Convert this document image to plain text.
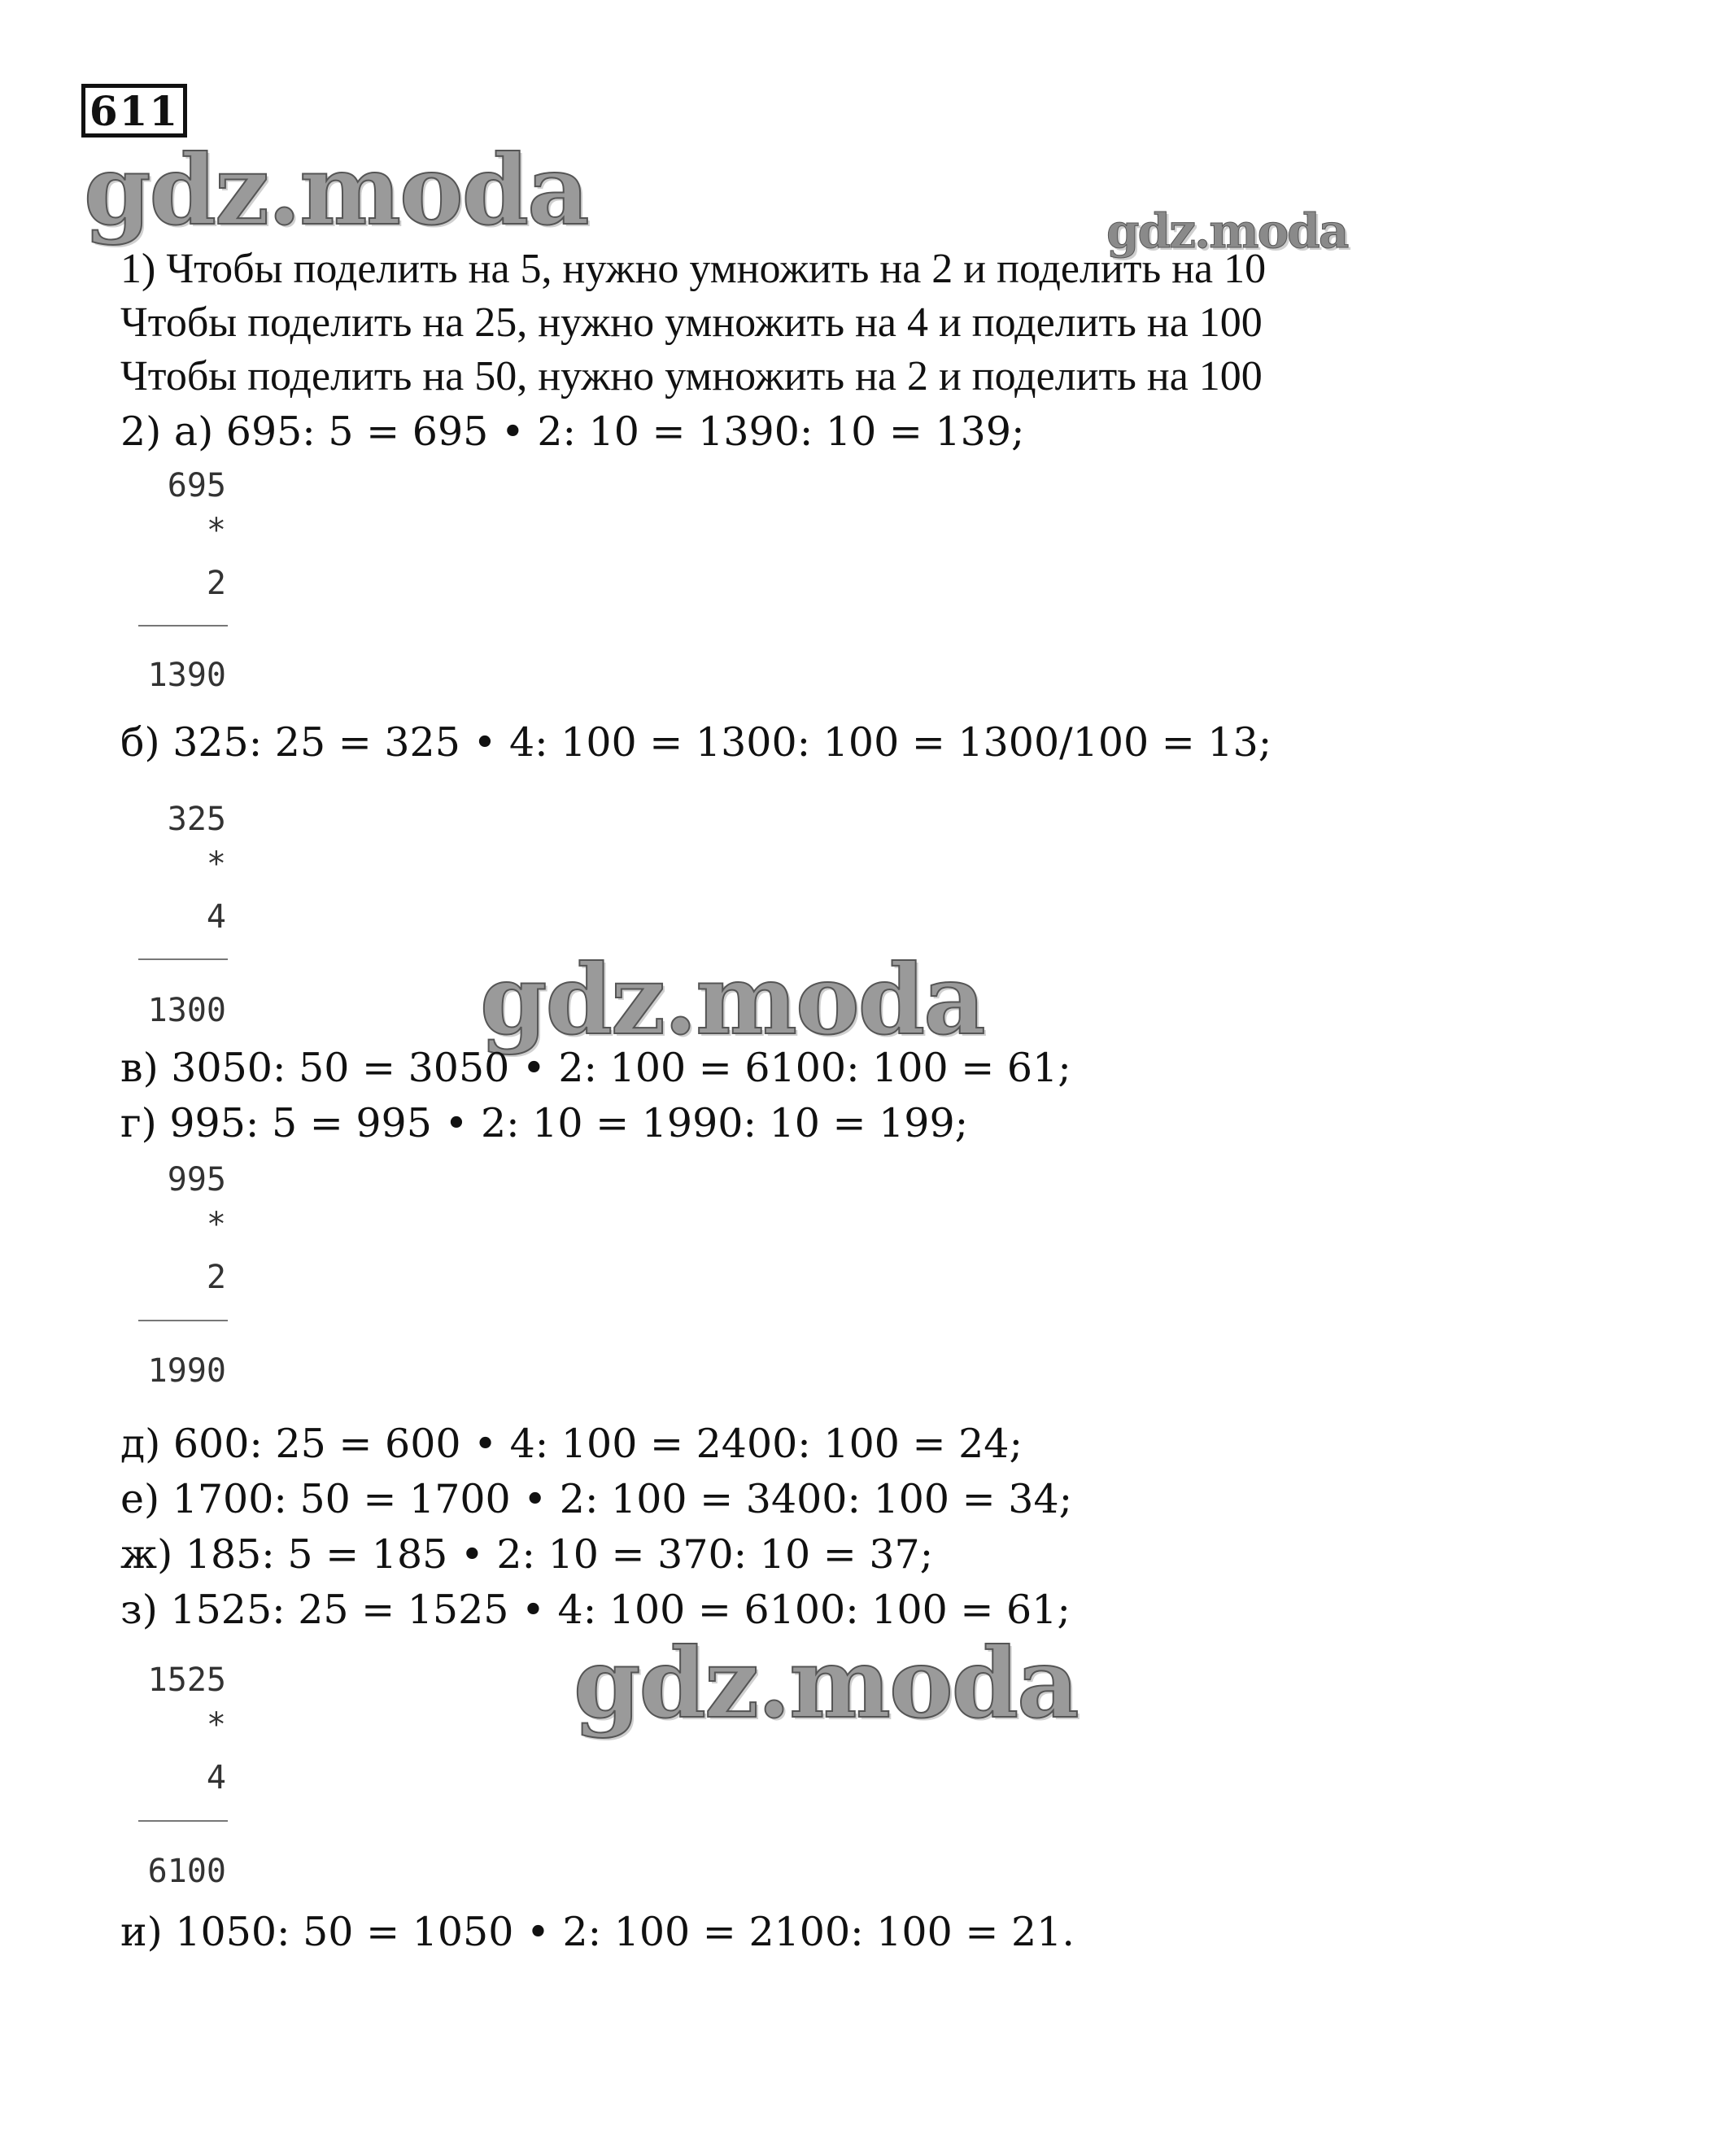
611
gdz.moda	gdz.moda
gdz.moda
gdz.moda
1) Чтобы поделить на 5, нужно умножить на 2 и поделить на 10
Чтобы поделить на 25, нужно умножить на 4 и поделить на 100
Чтобы поделить на 50, нужно умножить на 2 и поделить на 100
2) а) 695: 5 = 695 • 2: 10 = 1390: 10 = 139;
695
*
2
1390
б) 325: 25 = 325 • 4: 100 = 1300: 100 = 1300/100 = 13;
325
*
4
1300
в) 3050: 50 = 3050 • 2: 100 = 6100: 100 = 61;
г) 995: 5 = 995 • 2: 10 = 1990: 10 = 199;
995
*
2
1990
д) 600: 25 = 600 • 4: 100 = 2400: 100 = 24;
е) 1700: 50 = 1700 • 2: 100 = 3400: 100 = 34;
ж) 185: 5 = 185 • 2: 10 = 370: 10 = 37;
з) 1525: 25 = 1525 • 4: 100 = 6100: 100 = 61;
1525
*
4
6100
и) 1050: 50 = 1050 • 2: 100 = 2100: 100 = 21.
